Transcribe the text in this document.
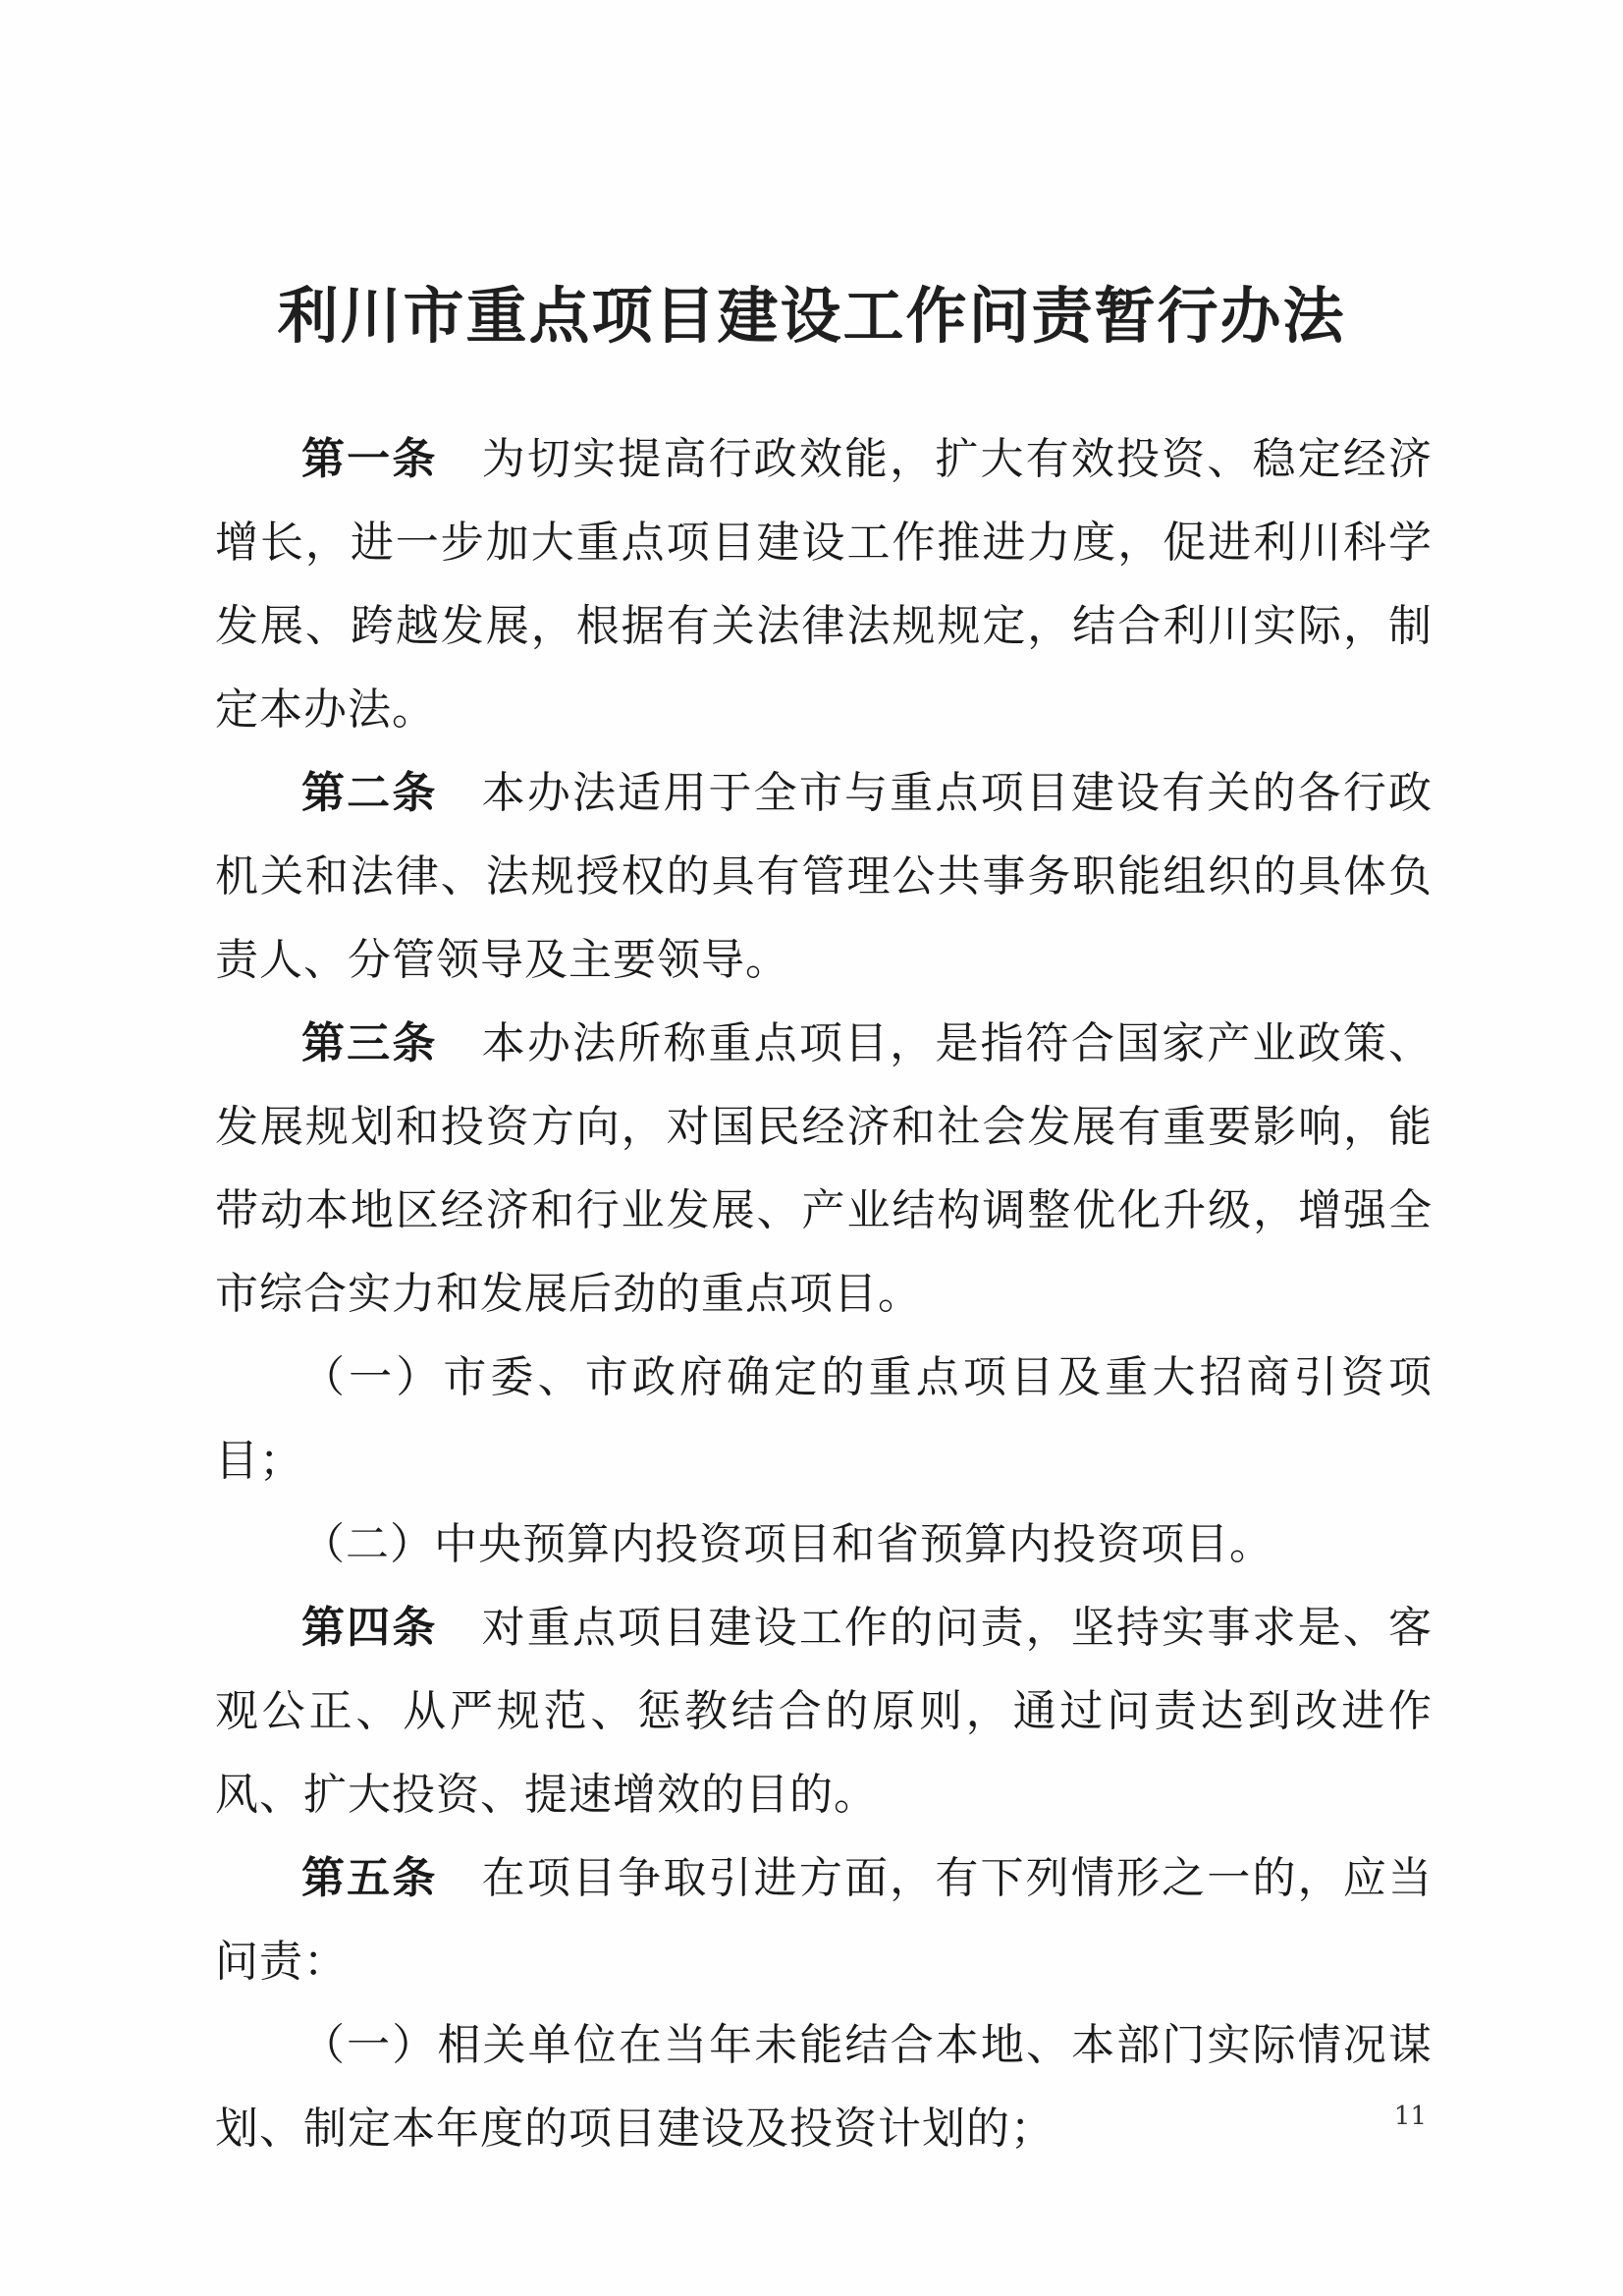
利川市重点项目建设工作问责暂行办法

第一条 为切实提高行政效能，扩大有效投资、稳定经济增长，进一步加大重点项目建设工作推进力度，促进利川科学发展、跨越发展，根据有关法律法规规定，结合利川实际，制定本办法。

第二条 本办法适用于全市与重点项目建设有关的各行政机关和法律、法规授权的具有管理公共事务职能组织的具体负责人、分管领导及主要领导。

第三条 本办法所称重点项目，是指符合国家产业政策、发展规划和投资方向，对国民经济和社会发展有重要影响，能带动本地区经济和行业发展、产业结构调整优化升级，增强全市综合实力和发展后劲的重点项目。

（一）市委、市政府确定的重点项目及重大招商引资项目；

（二）中央预算内投资项目和省预算内投资项目。

第四条 对重点项目建设工作的问责，坚持实事求是、客观公正、从严规范、惩教结合的原则，通过问责达到改进作风、扩大投资、提速增效的目的。

第五条 在项目争取引进方面，有下列情形之一的，应当问责：

（一）相关单位在当年未能结合本地、本部门实际情况谋划、制定本年度的项目建设及投资计划的；	11
